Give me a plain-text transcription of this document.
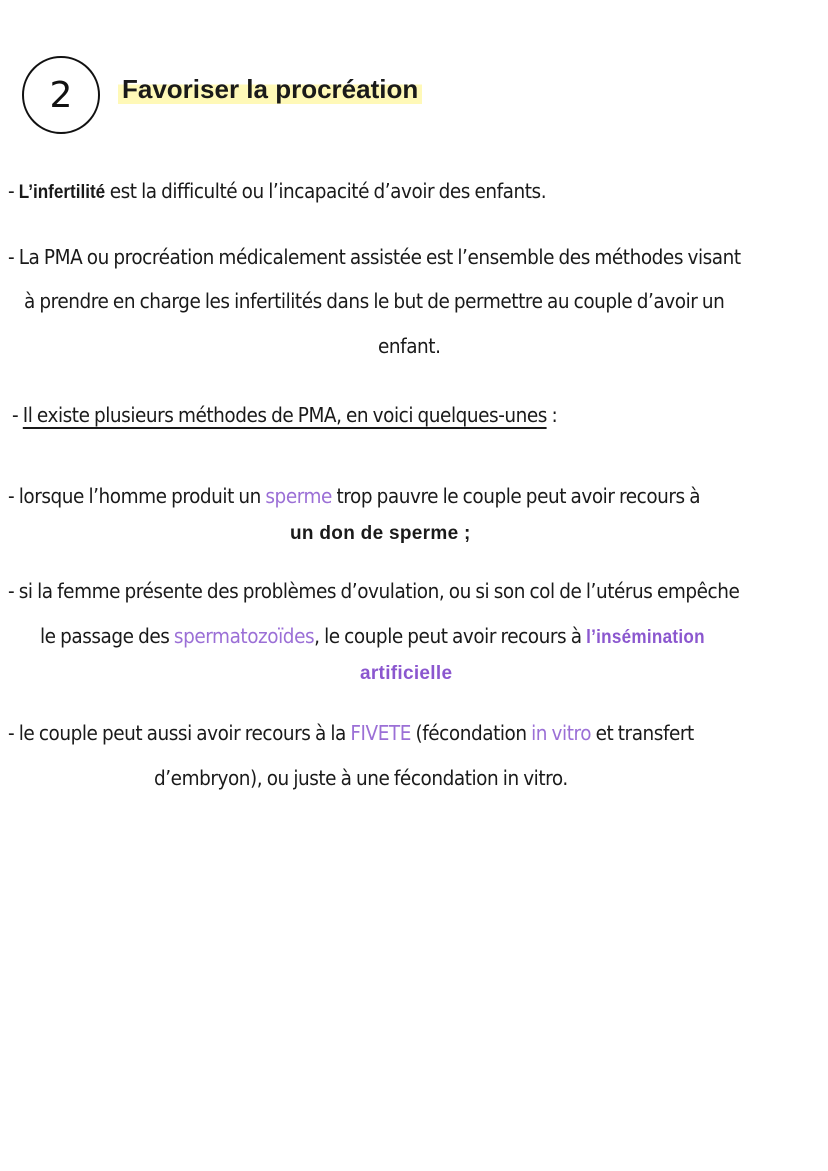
2 Favoriser la procréation
- L’infertilité est la difficulté ou l’incapacité d’avoir des enfants.
- La PMA ou procréation médicalement assistée est l’ensemble des méthodes visant
à prendre en charge les infertilités dans le but de permettre au couple d’avoir un
enfant.
- Il existe plusieurs méthodes de PMA, en voici quelques-unes :
- lorsque l’homme produit un sperme trop pauvre le couple peut avoir recours à
un don de sperme ;
- si la femme présente des problèmes d’ovulation, ou si son col de l’utérus empêche
le passage des spermatozoïdes, le couple peut avoir recours à l’insémination
artificielle
- le couple peut aussi avoir recours à la FIVETE (fécondation in vitro et transfert
d’embryon), ou juste à une fécondation in vitro.
